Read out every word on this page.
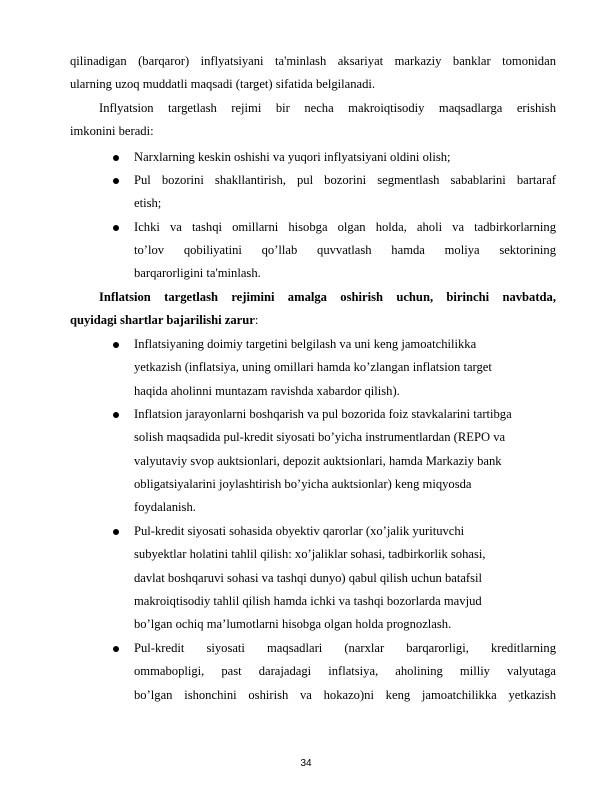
qilinadigan (barqaror) inflyatsiyani ta'minlash aksariyat markaziy banklar tomonidan
ularning uzoq muddatli maqsadi (target) sifatida belgilanadi.
Inflyatsion targetlash rejimi bir necha makroiqtisodiy maqsadlarga erishish
imkonini beradi:
Narxlarning keskin oshishi va yuqori inflyatsiyani oldini olish;
Pul bozorini shakllantirish, pul bozorini segmentlash sabablarini bartaraf
etish;
Ichki va tashqi omillarni hisobga olgan holda, aholi va tadbirkorlarning
to’lov qobiliyatini qo’llab quvvatlash hamda moliya sektorining
barqarorligini ta'minlash.
Inflatsion targetlash rejimini amalga oshirish uchun, birinchi navbatda,
quyidagi shartlar bajarilishi zarur:
Inflatsiyaning doimiy targetini belgilash va uni keng jamoatchilikka
yetkazish (inflatsiya, uning omillari hamda ko’zlangan inflatsion target
haqida aholinni muntazam ravishda xabardor qilish).
Inflatsion jarayonlarni boshqarish va pul bozorida foiz stavkalarini tartibga
solish maqsadida pul-kredit siyosati bo’yicha instrumentlardan (REPO va
valyutaviy svop auktsionlari, depozit auktsionlari, hamda Markaziy bank
obligatsiyalarini joylashtirish bo’yicha auktsionlar) keng miqyosda
foydalanish.
Pul-kredit siyosati sohasida obyektiv qarorlar (xo’jalik yurituvchi
subyektlar holatini tahlil qilish: xo’jaliklar sohasi, tadbirkorlik sohasi,
davlat boshqaruvi sohasi va tashqi dunyo) qabul qilish uchun batafsil
makroiqtisodiy tahlil qilish hamda ichki va tashqi bozorlarda mavjud
bo’lgan ochiq ma’lumotlarni hisobga olgan holda prognozlash.
Pul-kredit siyosati maqsadlari (narxlar barqarorligi, kreditlarning
ommabopligi, past darajadagi inflatsiya, aholining milliy valyutaga
bo’lgan ishonchini oshirish va hokazo)ni keng jamoatchilikka yetkazish
34
